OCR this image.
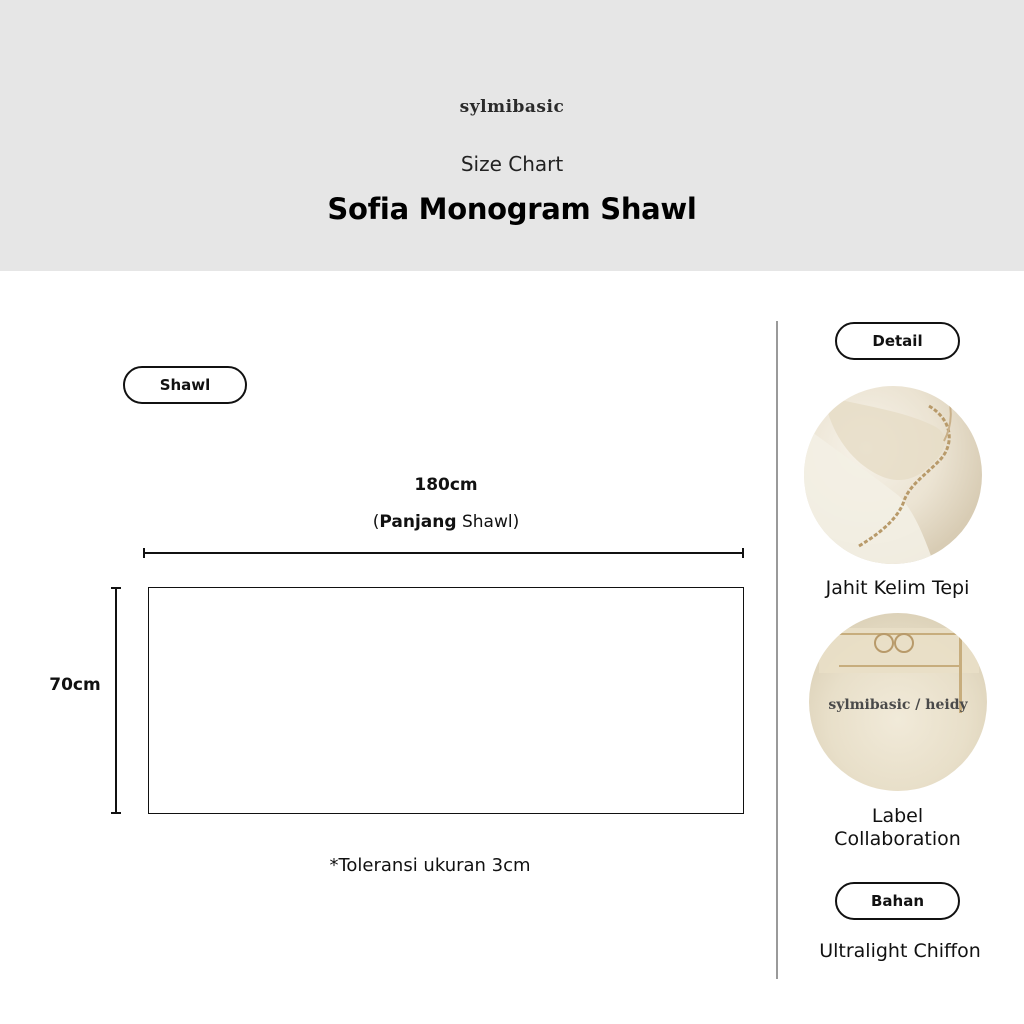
sylmibasic
Size Chart
Sofia Monogram Shawl
Shawl
180cm
(Panjang Shawl)
70cm
*Toleransi ukuran 3cm
Detail
Jahit Kelim Tepi
sylmibasic / heidy
Label
Collaboration
Bahan
Ultralight Chiffon
